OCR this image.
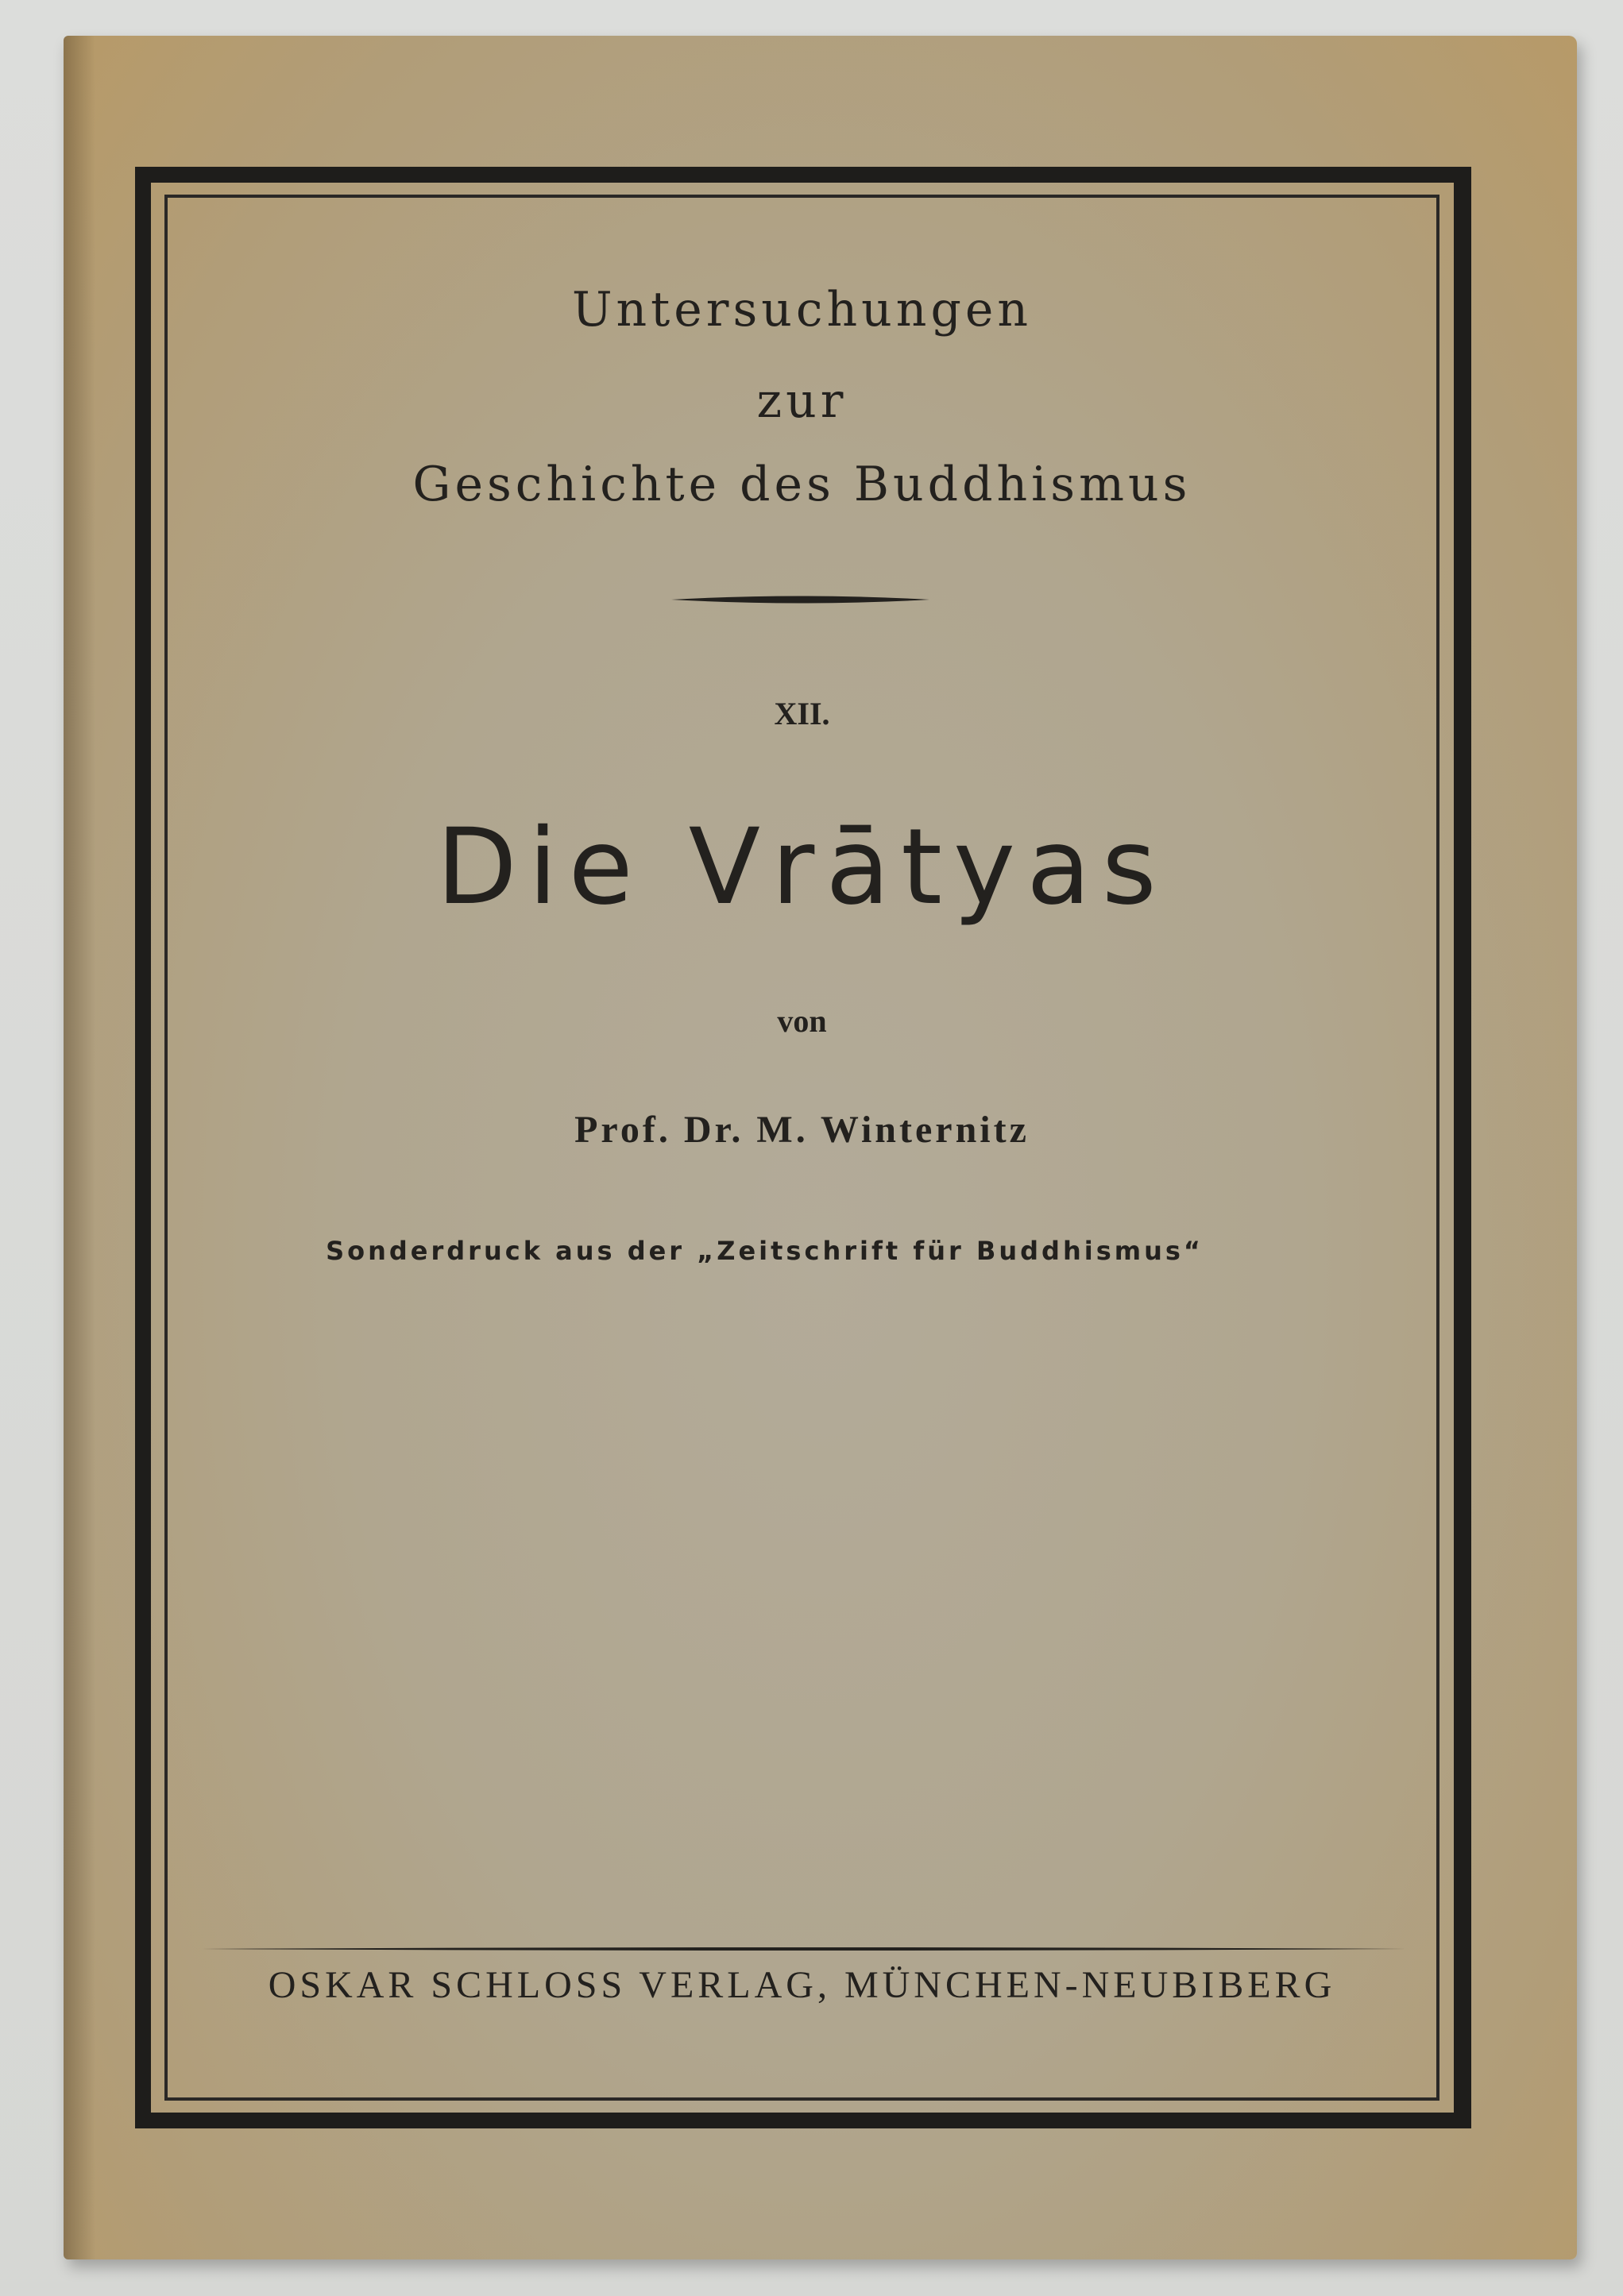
Untersuchungen

zur

Geschichte des Buddhismus

XII.

Die Vrātyas

von

Prof. Dr. M. Winternitz

Sonderdruck aus der „Zeitschrift für Buddhismus“

OSKAR SCHLOSS VERLAG, MÜNCHEN-NEUBIBERG
